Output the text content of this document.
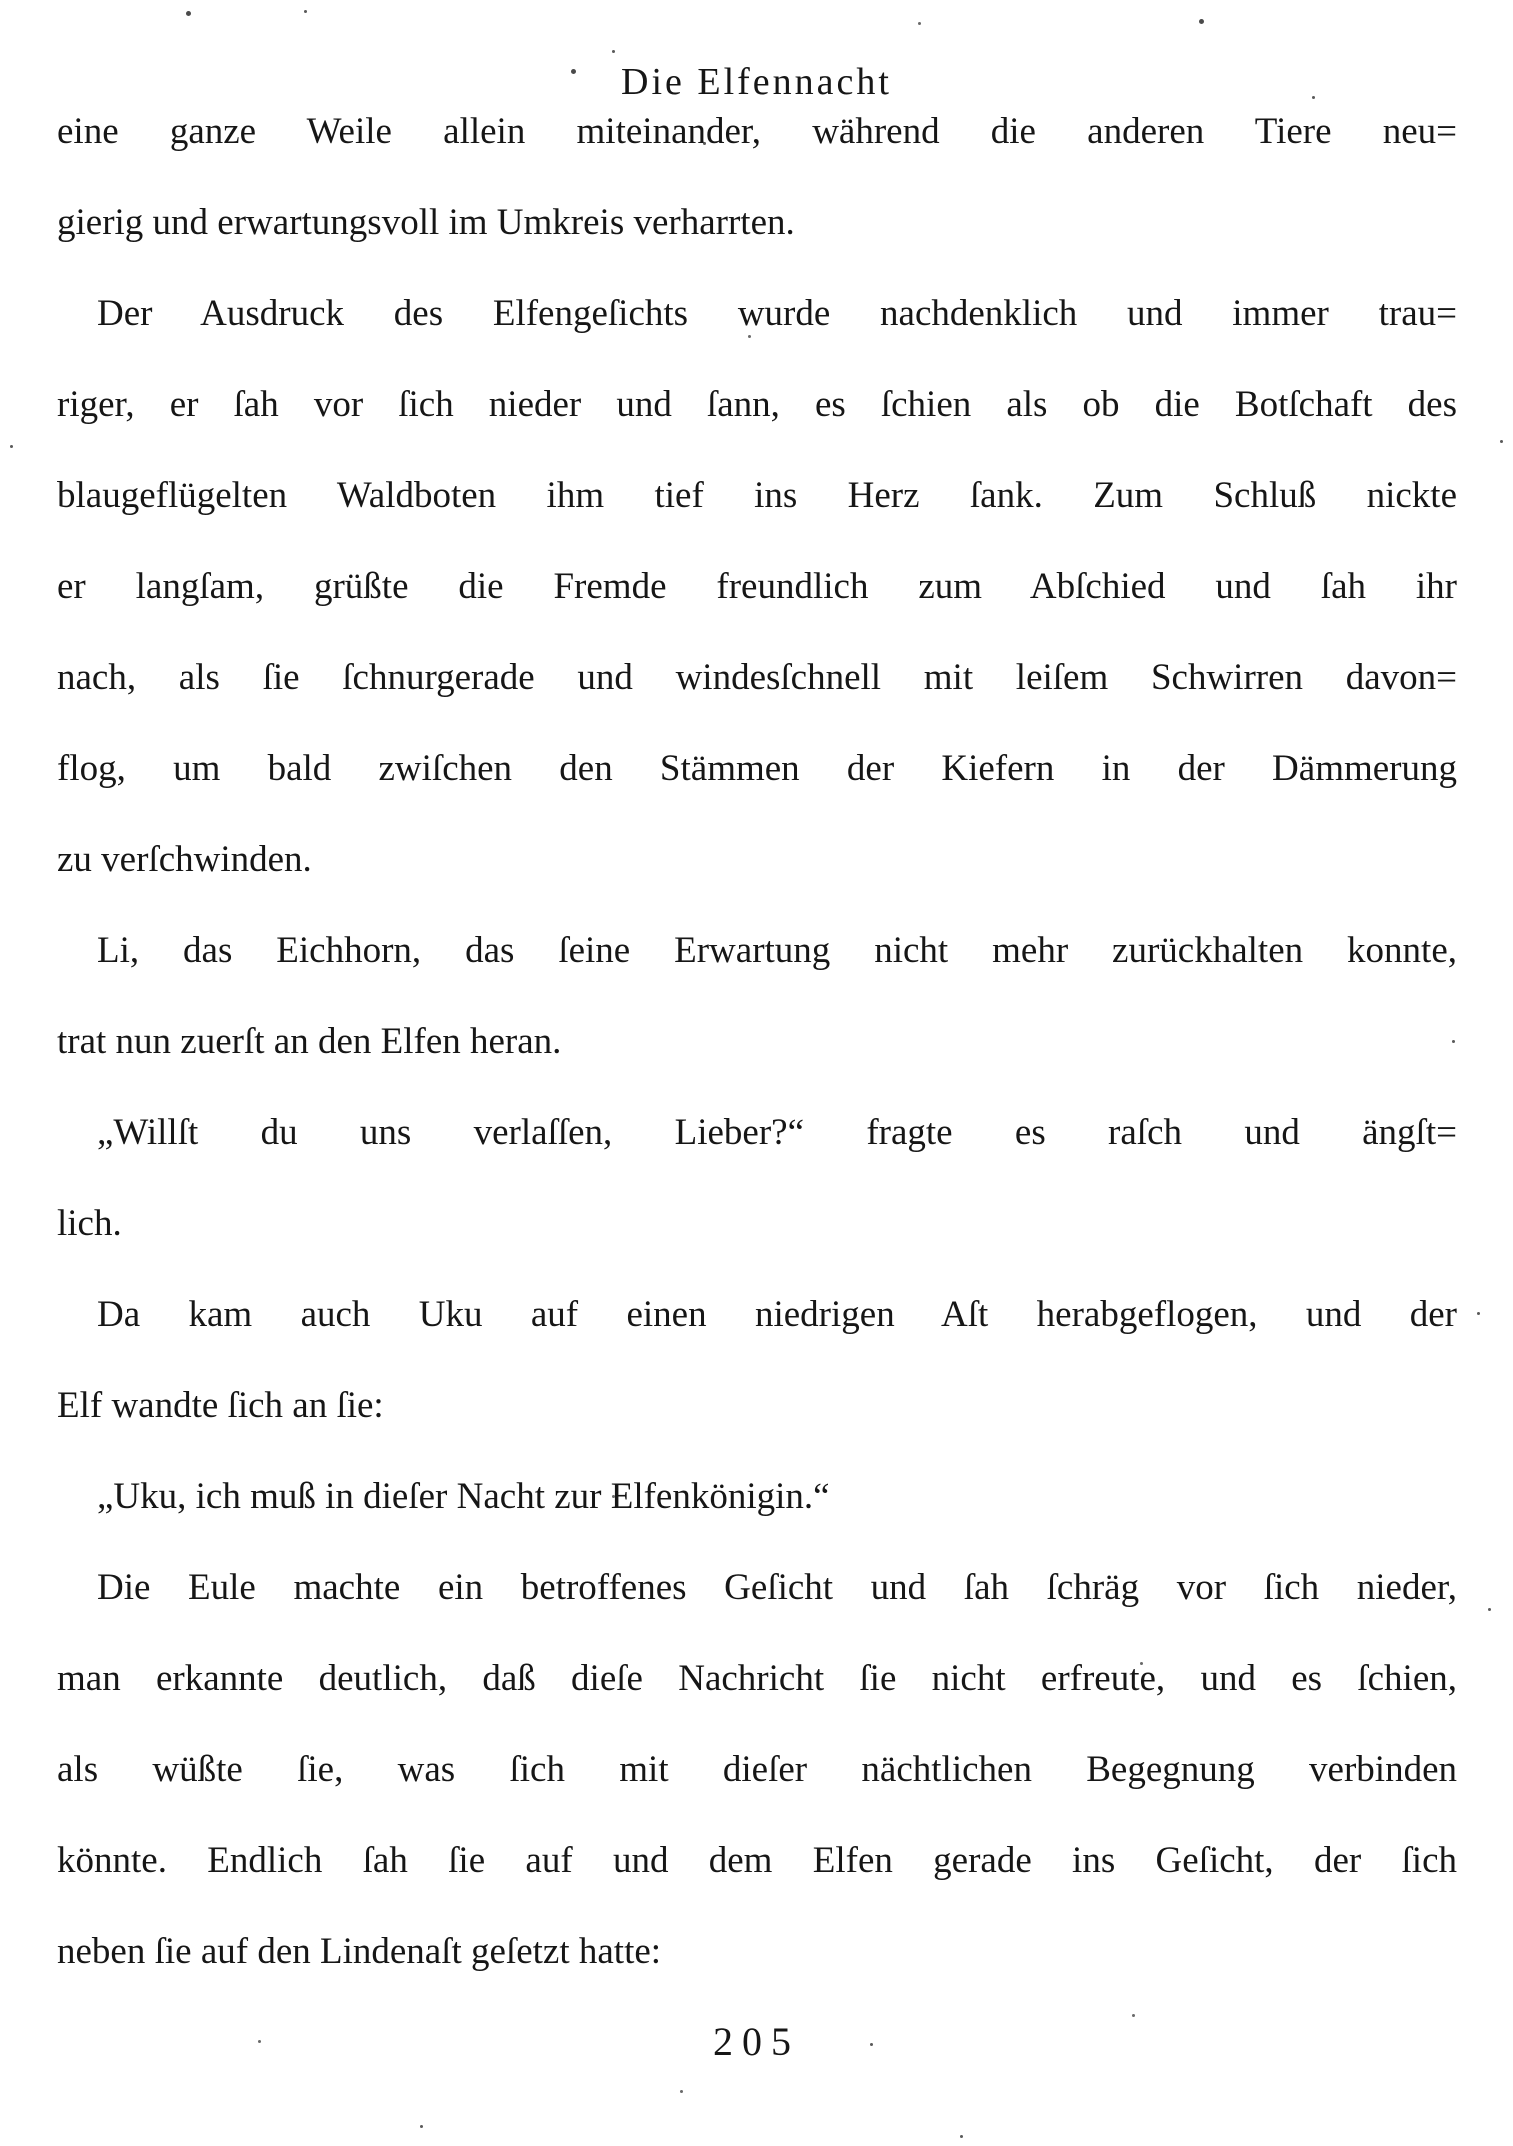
Die Elfennacht
eine ganze Weile allein miteinander, während die anderen Tiere neu=
gierig und erwartungsvoll im Umkreis verharrten.
Der Ausdruck des Elfengeſichts wurde nachdenklich und immer trau=
riger, er ſah vor ſich nieder und ſann, es ſchien als ob die Botſchaft des
blaugeflügelten Waldboten ihm tief ins Herz ſank. Zum Schluß nickte
er langſam, grüßte die Fremde freundlich zum Abſchied und ſah ihr
nach, als ſie ſchnurgerade und windesſchnell mit leiſem Schwirren davon=
flog, um bald zwiſchen den Stämmen der Kiefern in der Dämmerung
zu verſchwinden.
Li, das Eichhorn, das ſeine Erwartung nicht mehr zurückhalten konnte,
trat nun zuerſt an den Elfen heran.
„Willſt du uns verlaſſen, Lieber?“ fragte es raſch und ängſt=
lich.
Da kam auch Uku auf einen niedrigen Aſt herabgeflogen, und der
Elf wandte ſich an ſie:
„Uku, ich muß in dieſer Nacht zur Elfenkönigin.“
Die Eule machte ein betroffenes Geſicht und ſah ſchräg vor ſich nieder,
man erkannte deutlich, daß dieſe Nachricht ſie nicht erfreute, und es ſchien,
als wüßte ſie, was ſich mit dieſer nächtlichen Begegnung verbinden
könnte. Endlich ſah ſie auf und dem Elfen gerade ins Geſicht, der ſich
neben ſie auf den Lindenaſt geſetzt hatte:
205
